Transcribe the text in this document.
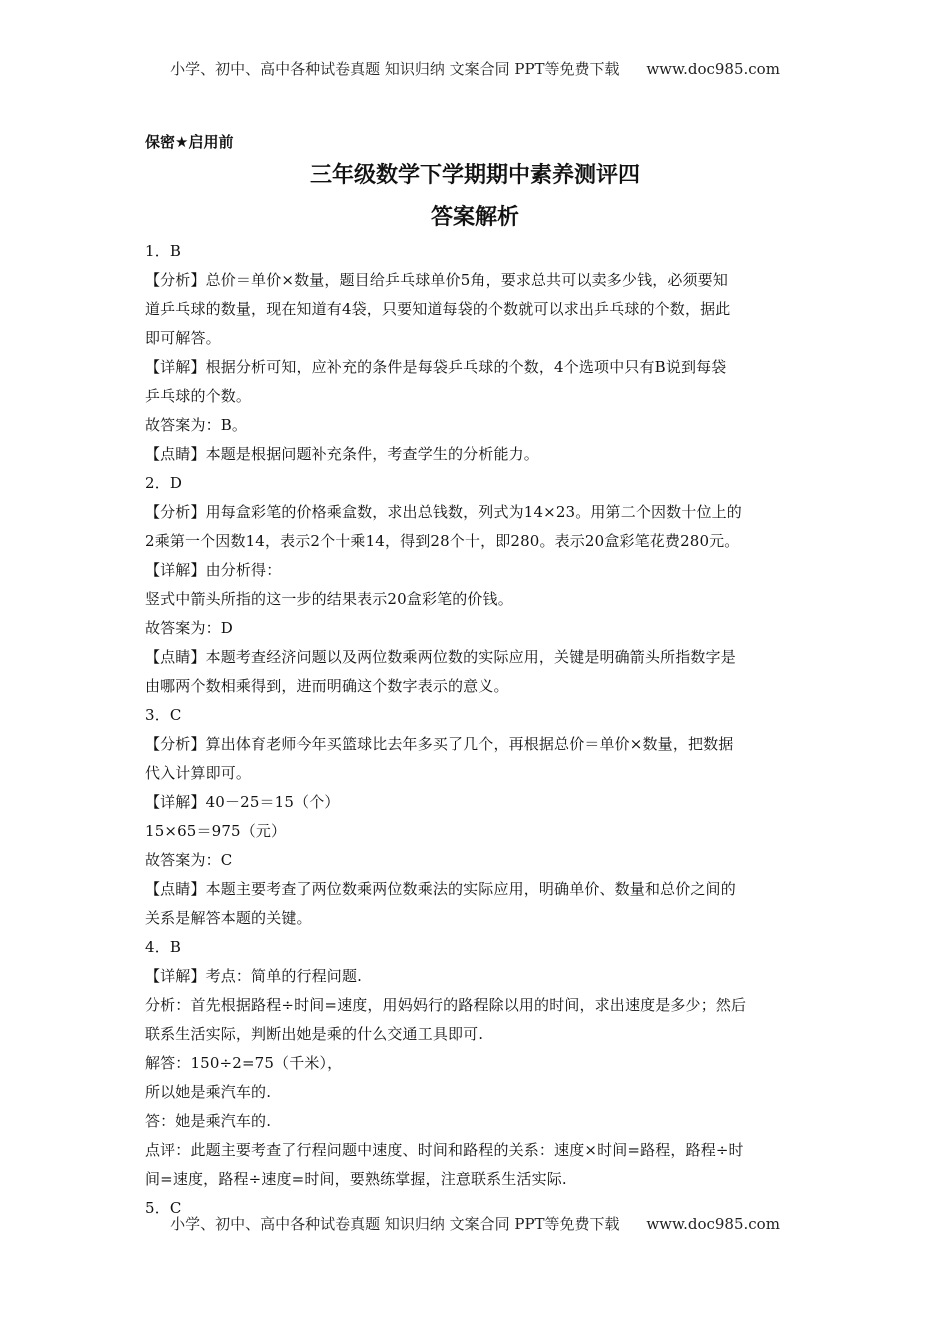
小学、初中、高中各种试卷真题 知识归纳 文案合同 PPT等免费下载 www.doc985.com
保密★启用前
三年级数学下学期期中素养测评四
答案解析
1．B
【分析】总价＝单价×数量，题目给乒乓球单价5角，要求总共可以卖多少钱，必须要知
道乒乓球的数量，现在知道有4袋，只要知道每袋的个数就可以求出乒乓球的个数，据此
即可解答。
【详解】根据分析可知，应补充的条件是每袋乒乓球的个数，4个选项中只有B说到每袋
乒乓球的个数。
故答案为：B。
【点睛】本题是根据问题补充条件，考查学生的分析能力。
2．D
【分析】用每盒彩笔的价格乘盒数，求出总钱数，列式为14×23。用第二个因数十位上的
2乘第一个因数14，表示2个十乘14，得到28个十，即280。表示20盒彩笔花费280元。
【详解】由分析得：
竖式中箭头所指的这一步的结果表示20盒彩笔的价钱。
故答案为：D
【点睛】本题考查经济问题以及两位数乘两位数的实际应用，关键是明确箭头所指数字是
由哪两个数相乘得到，进而明确这个数字表示的意义。
3．C
【分析】算出体育老师今年买篮球比去年多买了几个，再根据总价＝单价×数量，把数据
代入计算即可。
【详解】40－25＝15（个）
15×65＝975（元）
故答案为：C
【点睛】本题主要考查了两位数乘两位数乘法的实际应用，明确单价、数量和总价之间的
关系是解答本题的关键。
4．B
【详解】考点：简单的行程问题.
分析：首先根据路程÷时间=速度，用妈妈行的路程除以用的时间，求出速度是多少；然后
联系生活实际，判断出她是乘的什么交通工具即可.
解答：150÷2=75（千米），
所以她是乘汽车的.
答：她是乘汽车的.
点评：此题主要考查了行程问题中速度、时间和路程的关系：速度×时间=路程，路程÷时
间=速度，路程÷速度=时间，要熟练掌握，注意联系生活实际.
5．C
小学、初中、高中各种试卷真题 知识归纳 文案合同 PPT等免费下载 www.doc985.com
